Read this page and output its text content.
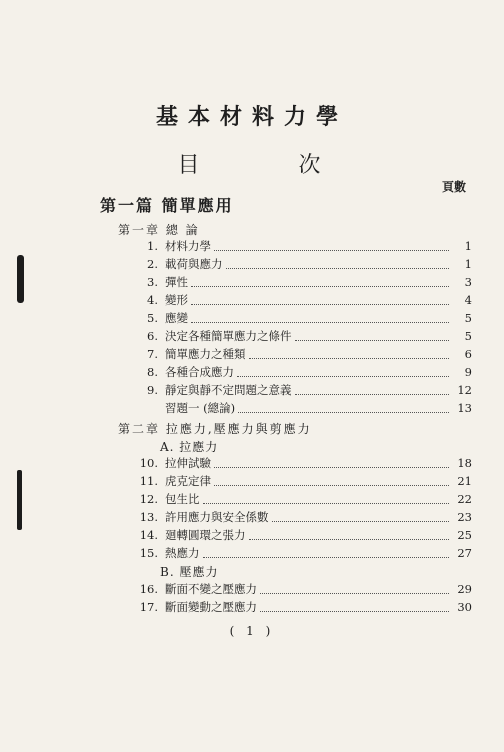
基本材料力學
目 次
頁數
第一篇 簡單應用
第一章 總 論
1. 材料力學	1
2. 載荷與應力	1
3. 彈性	3
4. 變形	4
5. 應變	5
6. 決定各種簡單應力之條件	5
7. 簡單應力之種類	6
8. 各種合成應力	9
9. 靜定與靜不定問題之意義	12
習題一 (總論)	13
第二章 拉應力,壓應力與剪應力
A. 拉應力
10. 拉伸試驗	18
11. 虎克定律	21
12. 包生比	22
13. 許用應力與安全係數	23
14. 廻轉圓環之張力	25
15. 熱應力	27
B. 壓應力
16. 斷面不變之壓應力	29
17. 斷面變動之壓應力	30
( 1 )
